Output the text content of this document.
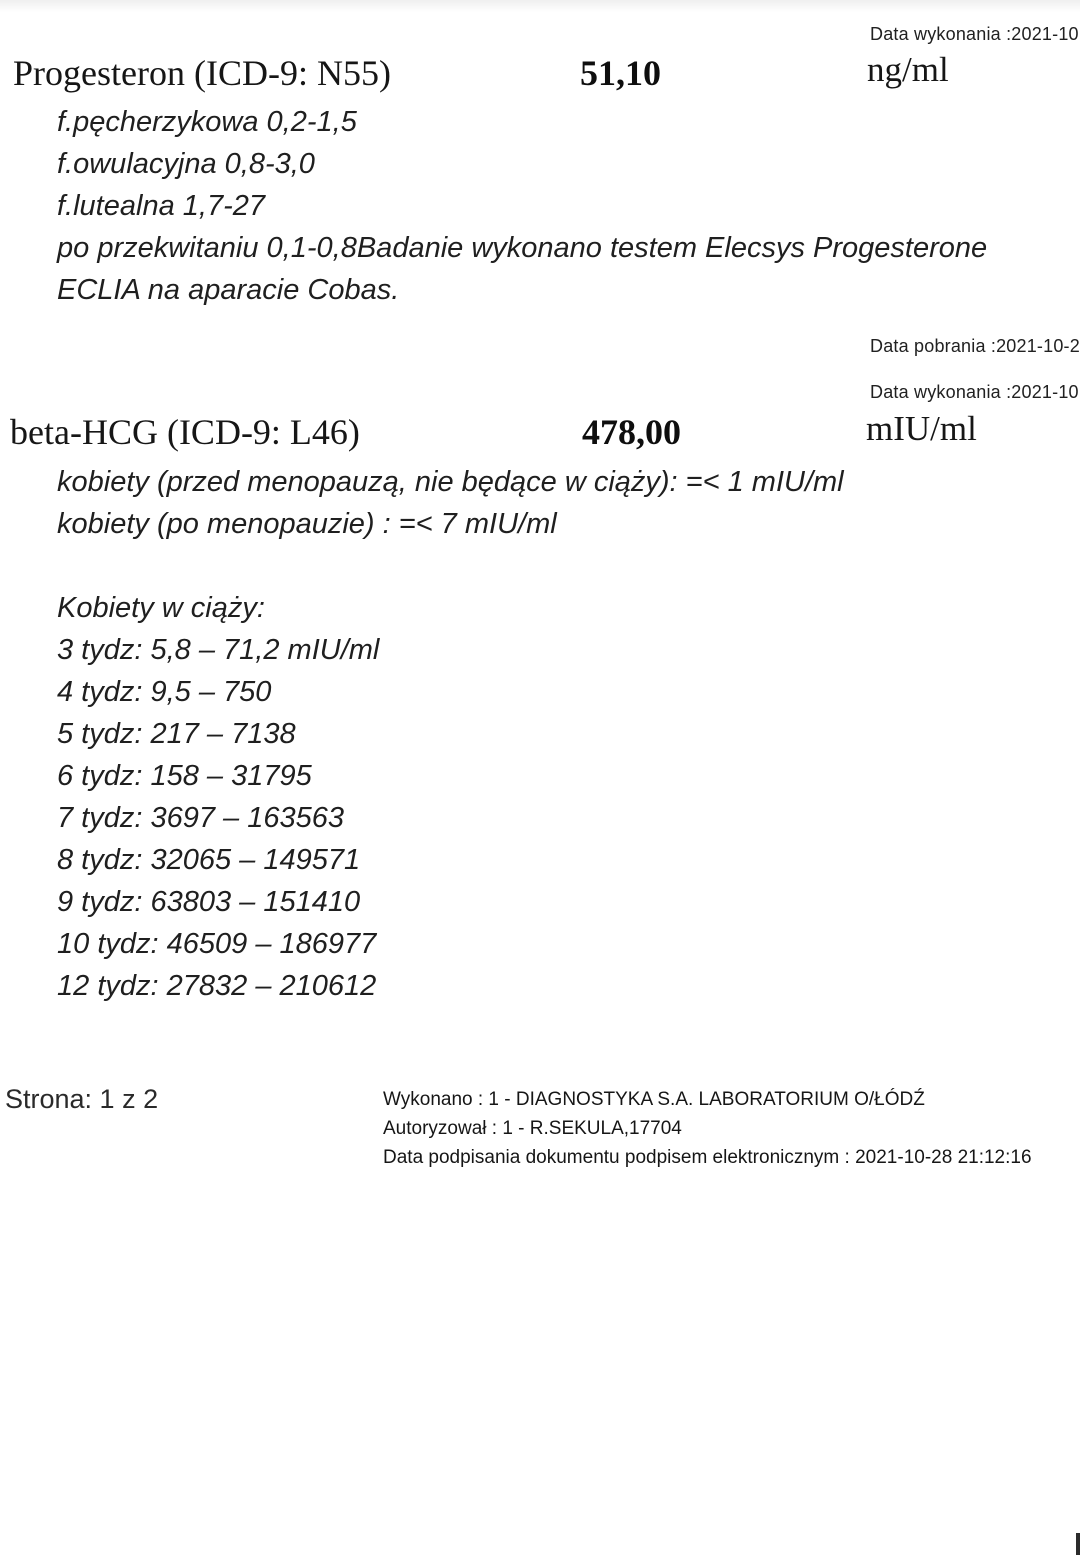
Data wykonania :2021-10
Progesteron (ICD-9: N55)	51,10	ng/ml
f.pęcherzykowa 0,2-1,5
f.owulacyjna 0,8-3,0
f.lutealna 1,7-27
po przekwitaniu 0,1-0,8Badanie wykonano testem Elecsys Progesterone
ECLIA na aparacie Cobas.
Data pobrania :2021-10-2
Data wykonania :2021-10
beta-HCG (ICD-9: L46)	478,00	mIU/ml
kobiety (przed menopauzą, nie będące w ciąży): =< 1 mIU/ml
kobiety (po menopauzie) : =< 7 mIU/ml
Kobiety w ciąży:
3 tydz: 5,8 – 71,2 mIU/ml
4 tydz: 9,5 – 750
5 tydz: 217 – 7138
6 tydz: 158 – 31795
7 tydz: 3697 – 163563
8 tydz: 32065 – 149571
9 tydz: 63803 – 151410
10 tydz: 46509 – 186977
12 tydz: 27832 – 210612
Strona: 1 z 2	Wykonano : 1 - DIAGNOSTYKA S.A. LABORATORIUM O/ŁÓDŹ
Autoryzował : 1 - R.SEKULA,17704
Data podpisania dokumentu podpisem elektronicznym : 2021-10-28 21:12:16
